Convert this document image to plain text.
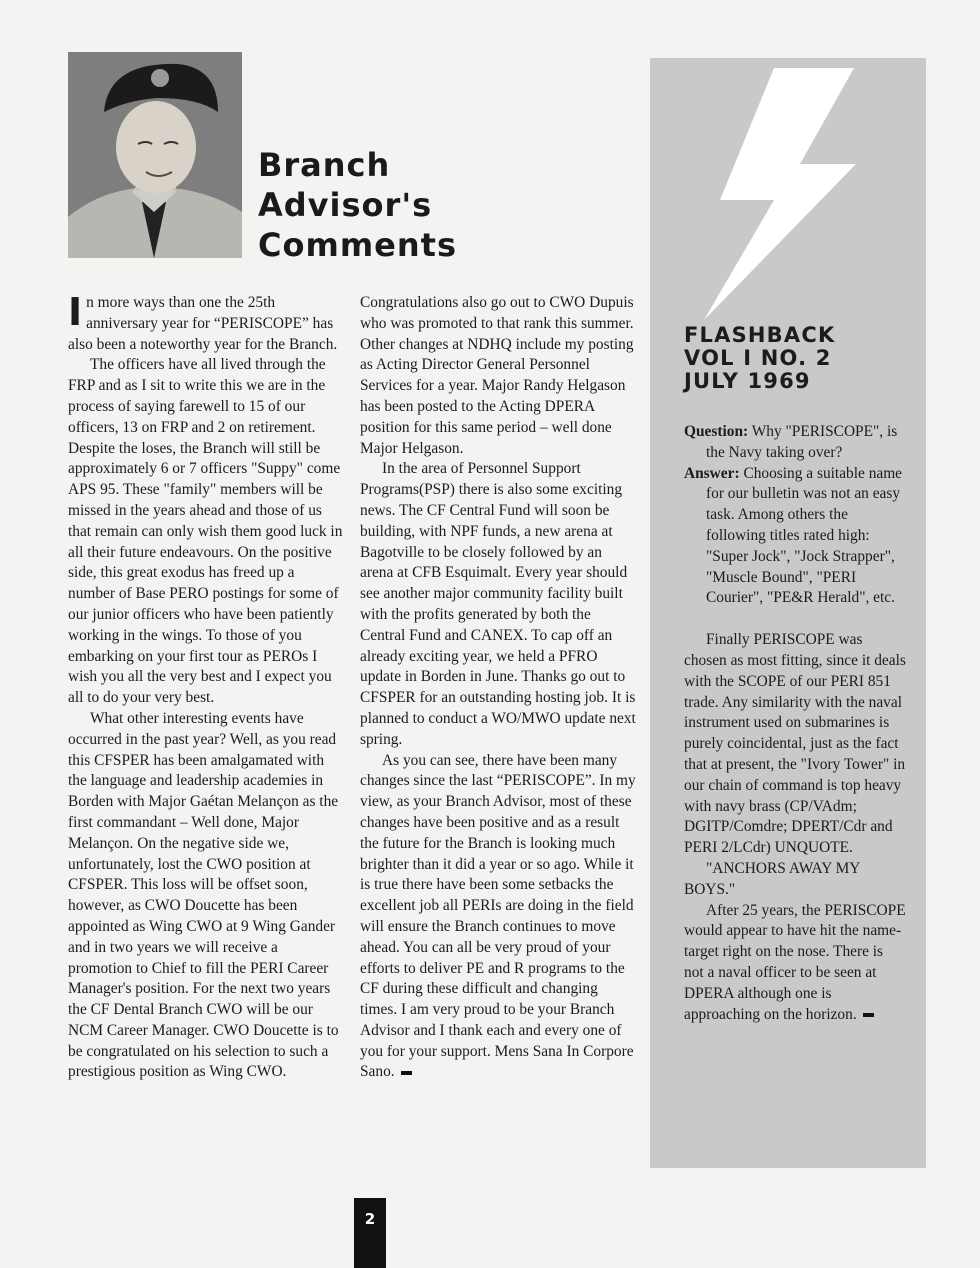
Branch
Advisor's
Comments

In more ways than one the 25th anniversary year for “PERISCOPE” has also been a noteworthy year for the Branch.

The officers have all lived through the FRP and as I sit to write this we are in the process of saying farewell to 15 of our officers, 13 on FRP and 2 on retirement. Despite the loses, the Branch will still be approximately 6 or 7 officers "Suppy" come APS 95. These "family" members will be missed in the years ahead and those of us that remain can only wish them good luck in all their future endeavours. On the positive side, this great exodus has freed up a number of Base PERO postings for some of our junior officers who have been patiently working in the wings. To those of you embarking on your first tour as PEROs I wish you all the very best and I expect you all to do your very best.

What other interesting events have occurred in the past year? Well, as you read this CFSPER has been amalgamated with the language and leadership academies in Borden with Major Gaétan Melançon as the first commandant – Well done, Major Melançon. On the negative side we, unfortunately, lost the CWO position at CFSPER. This loss will be offset soon, however, as CWO Doucette has been appointed as Wing CWO at 9 Wing Gander and in two years we will receive a promotion to Chief to fill the PERI Career Manager's position. For the next two years the CF Dental Branch CWO will be our NCM Career Manager. CWO Doucette is to be congratulated on his selection to such a prestigious position as Wing CWO.

Congratulations also go out to CWO Dupuis who was promoted to that rank this summer. Other changes at NDHQ include my posting as Acting Director General Personnel Services for a year. Major Randy Helgason has been posted to the Acting DPERA position for this same period – well done Major Helgason.

In the area of Personnel Support Programs(PSP) there is also some exciting news. The CF Central Fund will soon be building, with NPF funds, a new arena at Bagotville to be closely followed by an arena at CFB Esquimalt. Every year should see another major community facility built with the profits generated by both the Central Fund and CANEX. To cap off an already exciting year, we held a PFRO update in Borden in June. Thanks go out to CFSPER for an outstanding hosting job. It is planned to conduct a WO/MWO update next spring.

As you can see, there have been many changes since the last “PERISCOPE”. In my view, as your Branch Advisor, most of these changes have been positive and as a result the future for the Branch is looking much brighter than it did a year or so ago. While it is true there have been some setbacks the excellent job all PERIs are doing in the field will ensure the Branch continues to move ahead. You can all be very proud of your efforts to deliver PE and R programs to the CF during these difficult and changing times. I am very proud to be your Branch Advisor and I thank each and every one of you for your support. Mens Sana In Corpore Sano.

FLASHBACK
VOL I NO. 2
JULY 1969

Question: Why "PERISCOPE", is the Navy taking over?

Answer: Choosing a suitable name for our bulletin was not an easy task. Among others the following titles rated high: "Super Jock", "Jock Strapper", "Muscle Bound", "PERI Courier", "PE&R Herald", etc.

Finally PERISCOPE was chosen as most fitting, since it deals with the SCOPE of our PERI 851 trade. Any similarity with the naval instrument used on submarines is purely coincidental, just as the fact that at present, the "Ivory Tower" in our chain of command is top heavy with navy brass (CP/VAdm; DGITP/Comdre; DPERT/Cdr and PERI 2/LCdr) UNQUOTE.

"ANCHORS AWAY MY BOYS."

After 25 years, the PERISCOPE would appear to have hit the name-target right on the nose. There is not a naval officer to be seen at DPERA although one is approaching on the horizon.

2
